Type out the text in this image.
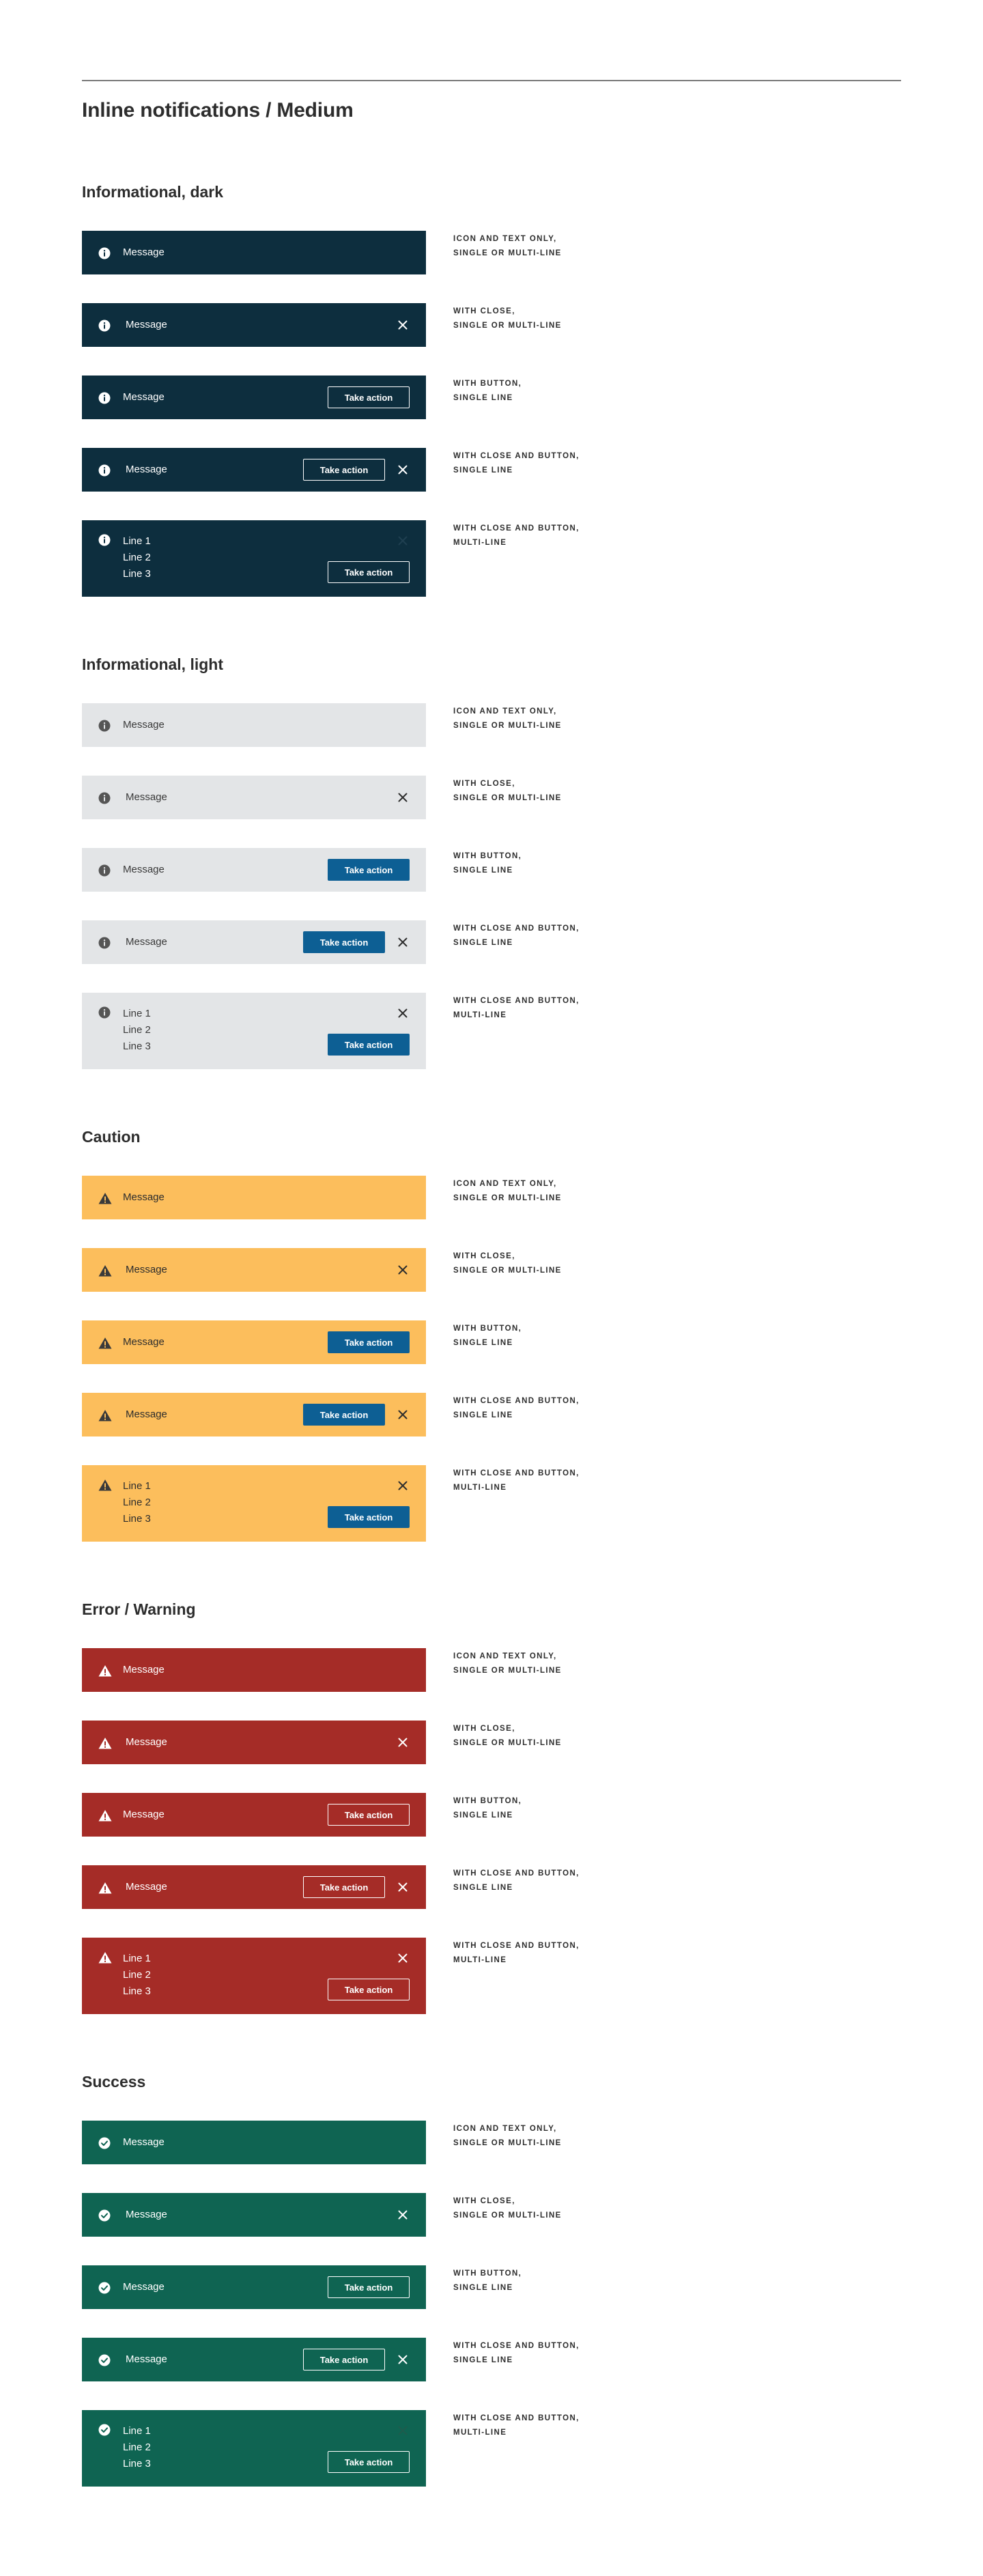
Inline notifications / Medium
Informational, dark
Message
ICON AND TEXT ONLY,
SINGLE OR MULTI-LINE
Message
WITH CLOSE,
SINGLE OR MULTI-LINE
Message	Take action
WITH BUTTON,
SINGLE LINE
Message	Take action
WITH CLOSE AND BUTTON,
SINGLE LINE
Line 1
Line 2
Line 3	Take action
WITH CLOSE AND BUTTON,
MULTI-LINE
Informational, light
Message
ICON AND TEXT ONLY,
SINGLE OR MULTI-LINE
Message
WITH CLOSE,
SINGLE OR MULTI-LINE
Message	Take action
WITH BUTTON,
SINGLE LINE
Message	Take action
WITH CLOSE AND BUTTON,
SINGLE LINE
Line 1
Line 2
Line 3	Take action
WITH CLOSE AND BUTTON,
MULTI-LINE
Caution
Message
ICON AND TEXT ONLY,
SINGLE OR MULTI-LINE
Message
WITH CLOSE,
SINGLE OR MULTI-LINE
Message	Take action
WITH BUTTON,
SINGLE LINE
Message	Take action
WITH CLOSE AND BUTTON,
SINGLE LINE
Line 1
Line 2
Line 3	Take action
WITH CLOSE AND BUTTON,
MULTI-LINE
Error / Warning
Message
ICON AND TEXT ONLY,
SINGLE OR MULTI-LINE
Message
WITH CLOSE,
SINGLE OR MULTI-LINE
Message	Take action
WITH BUTTON,
SINGLE LINE
Message	Take action
WITH CLOSE AND BUTTON,
SINGLE LINE
Line 1
Line 2
Line 3	Take action
WITH CLOSE AND BUTTON,
MULTI-LINE
Success
Message
ICON AND TEXT ONLY,
SINGLE OR MULTI-LINE
Message
WITH CLOSE,
SINGLE OR MULTI-LINE
Message	Take action
WITH BUTTON,
SINGLE LINE
Message	Take action
WITH CLOSE AND BUTTON,
SINGLE LINE
Line 1
Line 2
Line 3	Take action
WITH CLOSE AND BUTTON,
MULTI-LINE
